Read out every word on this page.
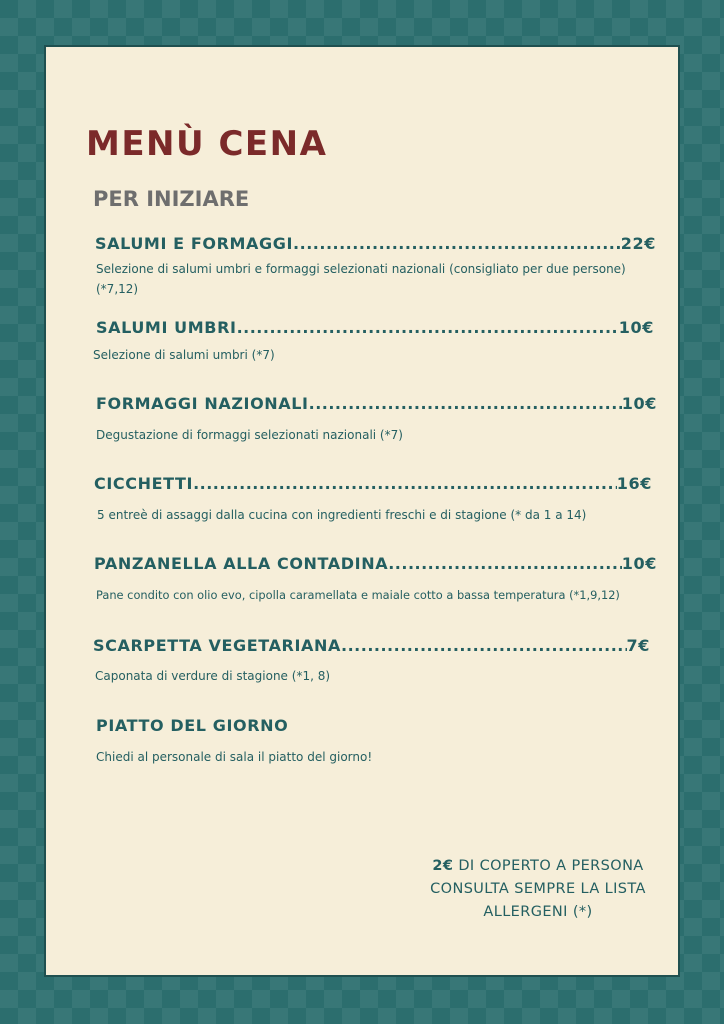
MENÙ CENA
PER INIZIARE
SALUMI E FORMAGGI .....	22€
Selezione di salumi umbri e formaggi selezionati nazionali (consigliato per due persone) (*7,12)
SALUMI UMBRI .....	10€
Selezione di salumi umbri (*7)
FORMAGGI NAZIONALI .....	10€
Degustazione di formaggi selezionati nazionali (*7)
CICCHETTI .....	16€
5 entreè di assaggi dalla cucina con ingredienti freschi e di stagione (* da 1 a 14)
PANZANELLA ALLA CONTADINA .....	10€
Pane condito con olio evo, cipolla caramellata e maiale cotto a bassa temperatura (*1,9,12)
SCARPETTA VEGETARIANA .....	7€
Caponata di verdure di stagione (*1, 8)
PIATTO DEL GIORNO
Chiedi al personale di sala il piatto del giorno!
2€ DI COPERTO A PERSONA
CONSULTA SEMPRE LA LISTA
ALLERGENI (*)
